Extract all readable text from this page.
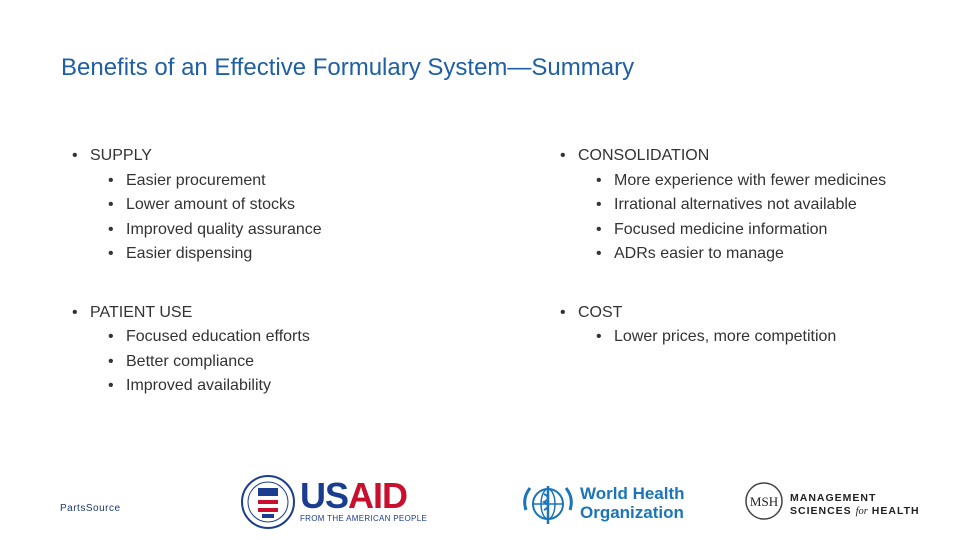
Benefits of an Effective Formulary System—Summary
• SUPPLY
• Easier procurement
• Lower amount of stocks
• Improved quality assurance
• Easier dispensing
• PATIENT USE
• Focused education efforts
• Better compliance
• Improved availability
• CONSOLIDATION
• More experience with fewer medicines
• Irrational alternatives not available
• Focused medicine information
• ADRs easier to manage
• COST
• Lower prices, more competition
PartsSource	USAID
FROM THE AMERICAN PEOPLE
World Health
Organization
MSH MANAGEMENT
SCIENCES for HEALTH
